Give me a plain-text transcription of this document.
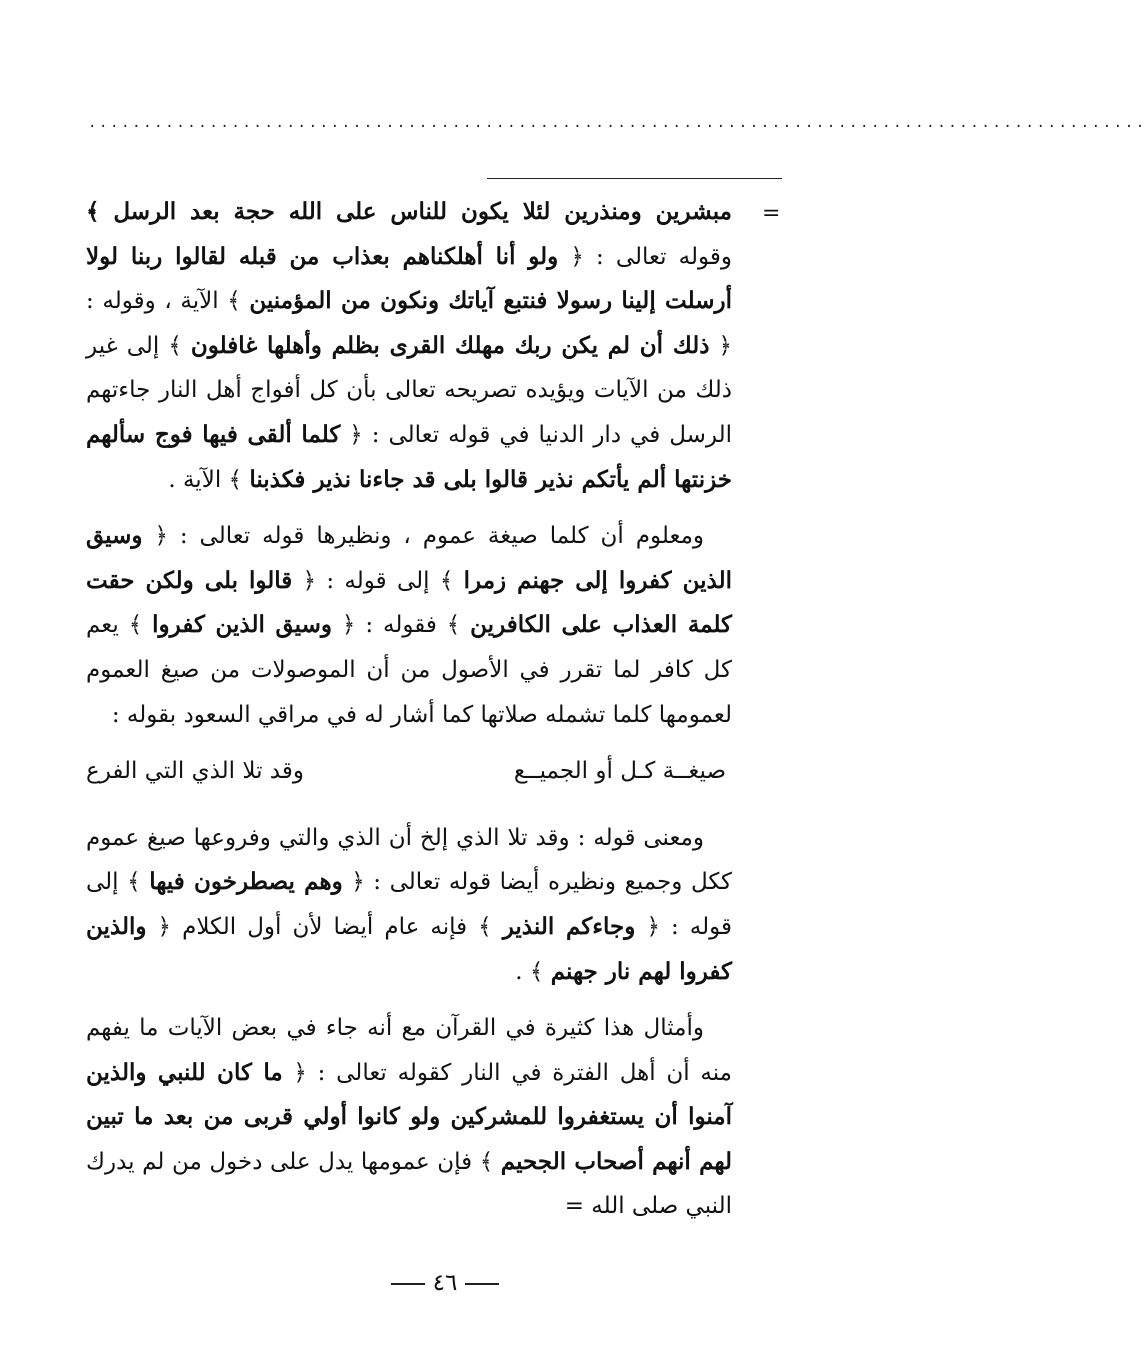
................................................................................................
=

مبشرين ومنذرين لئلا يكون للناس على الله حجة بعد الرسل ﴾ وقوله تعالى : ﴿ ولو أنا أهلكناهم بعذاب من قبله لقالوا ربنا لولا أرسلت إلينا رسولا فنتبع آياتك ونكون من المؤمنين ﴾ الآية ، وقوله : ﴿ ذلك أن لم يكن ربك مهلك القرى بظلم وأهلها غافلون ﴾ إلى غير ذلك من الآيات ويؤيده تصريحه تعالى بأن كل أفواج أهل النار جاءتهم الرسل في دار الدنيا في قوله تعالى : ﴿ كلما ألقى فيها فوج سألهم خزنتها ألم يأتكم نذير قالوا بلى قد جاءنا نذير فكذبنا ﴾ الآية .

ومعلوم أن كلما صيغة عموم ، ونظيرها قوله تعالى : ﴿ وسيق الذين كفروا إلى جهنم زمرا ﴾ إلى قوله : ﴿ قالوا بلى ولكن حقت كلمة العذاب على الكافرين ﴾ فقوله : ﴿ وسيق الذين كفروا ﴾ يعم كل كافر لما تقرر في الأصول من أن الموصولات من صيغ العموم لعمومها كلما تشمله صلاتها كما أشار له في مراقي السعود بقوله :

صيغــة كـل أو الجميــع
وقد تلا الذي التي الفرع

ومعنى قوله : وقد تلا الذي إلخ أن الذي والتي وفروعها صيغ عموم ككل وجميع ونظيره أيضا قوله تعالى : ﴿ وهم يصطرخون فيها ﴾ إلى قوله : ﴿ وجاءكم النذير ﴾ فإنه عام أيضا لأن أول الكلام ﴿ والذين كفروا لهم نار جهنم ﴾ .

وأمثال هذا كثيرة في القرآن مع أنه جاء في بعض الآيات ما يفهم منه أن أهل الفترة في النار كقوله تعالى : ﴿ ما كان للنبي والذين آمنوا أن يستغفروا للمشركين ولو كانوا أولي قربى من بعد ما تبين لهم أنهم أصحاب الجحيم ﴾ فإن عمومها يدل على دخول من لم يدرك النبي صلى الله =

٤٦
